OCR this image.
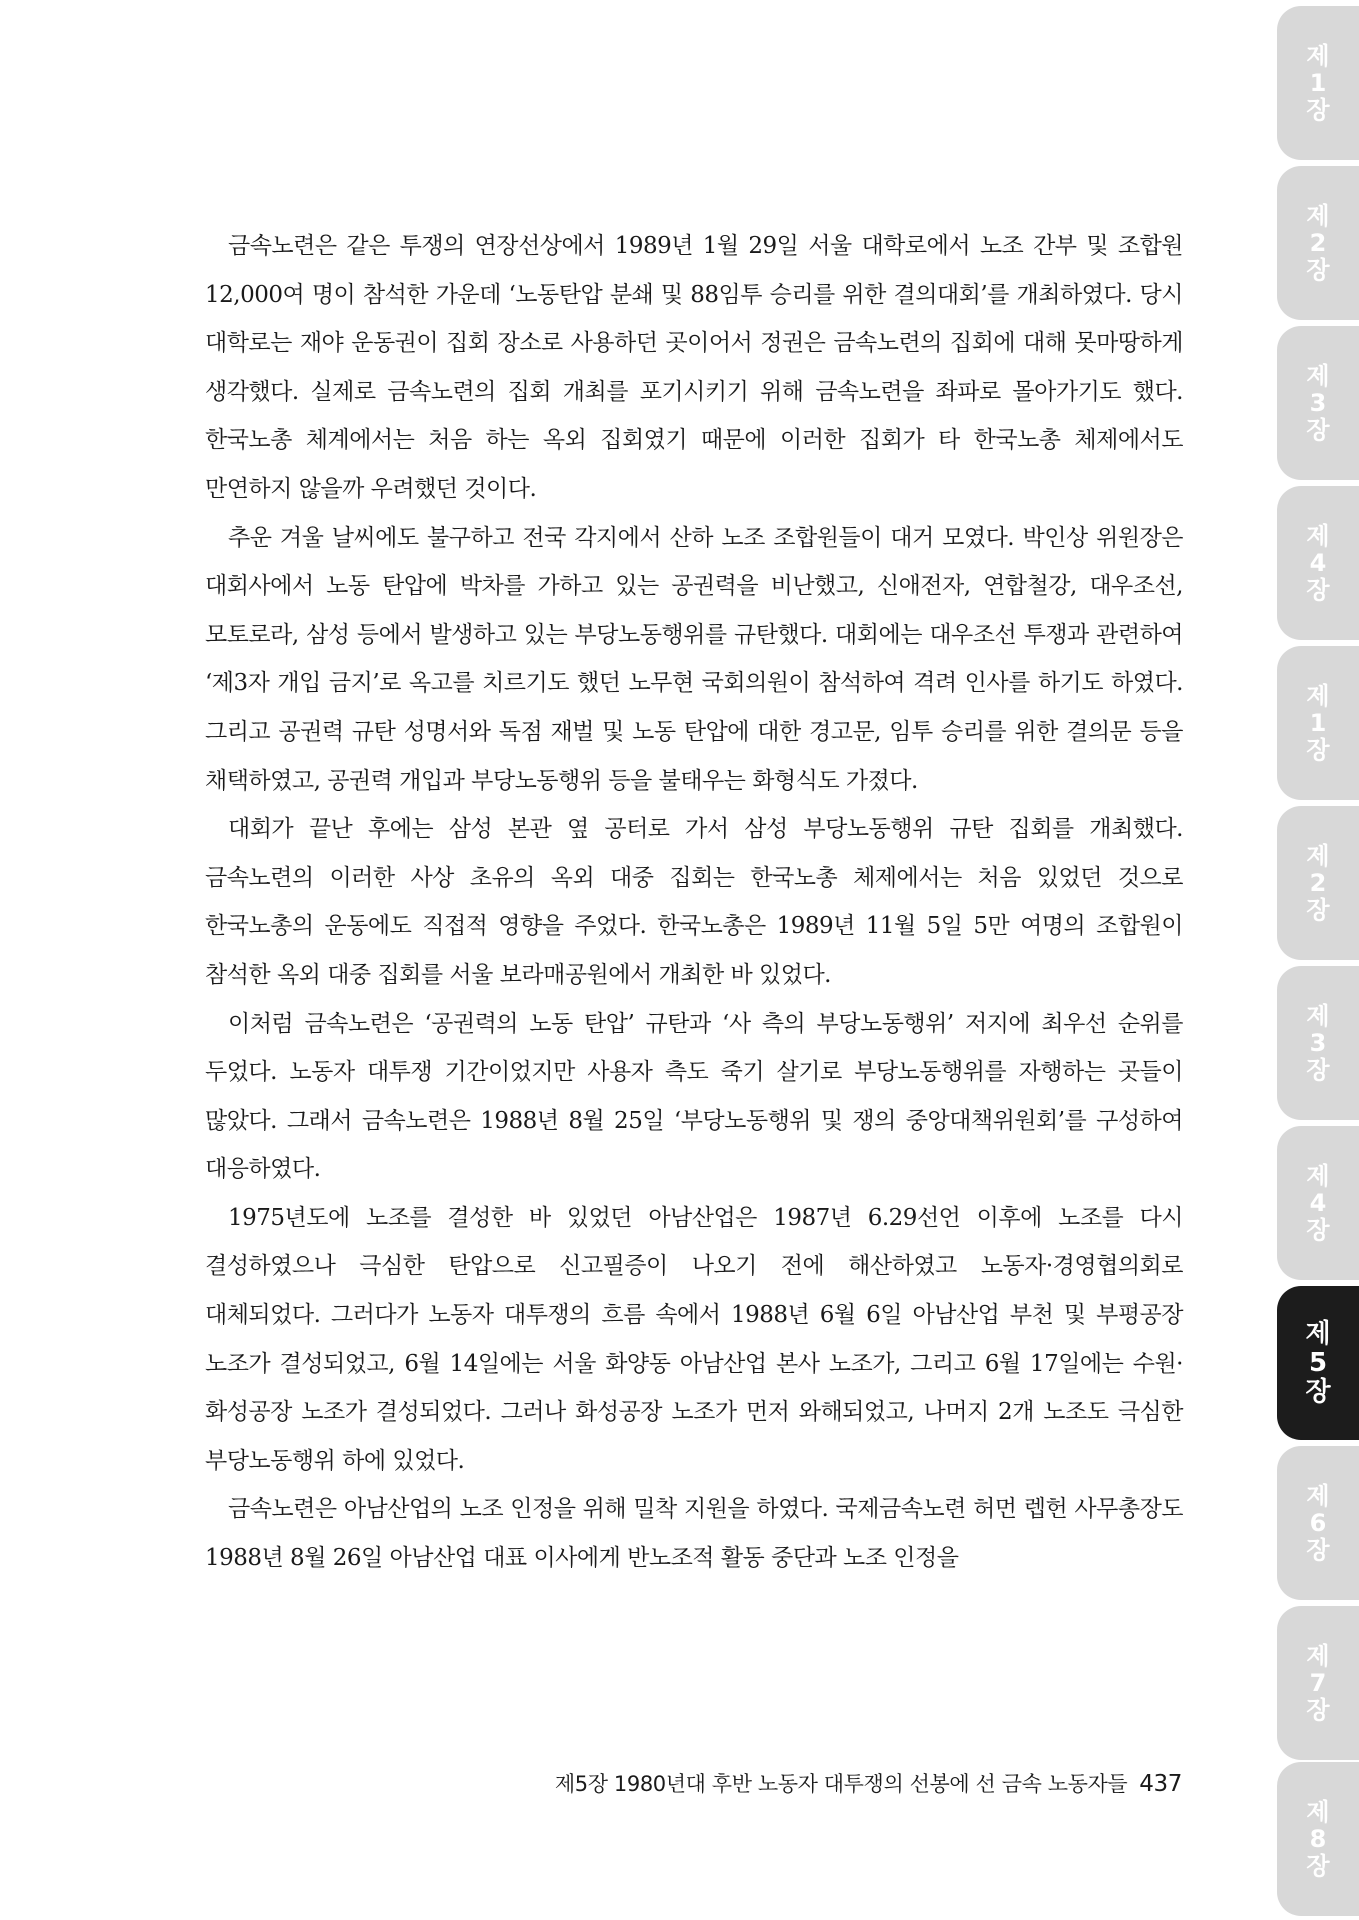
금속노련은 같은 투쟁의 연장선상에서 1989년 1월 29일 서울 대학로에서 노조 간부 및 조합원 12,000여 명이 참석한 가운데 ‘노동탄압 분쇄 및 88임투 승리를 위한 결의대회’를 개최하였다. 당시 대학로는 재야 운동권이 집회 장소로 사용하던 곳이어서 정권은 금속노련의 집회에 대해 못마땅하게 생각했다. 실제로 금속노련의 집회 개최를 포기시키기 위해 금속노련을 좌파로 몰아가기도 했다. 한국노총 체계에서는 처음 하는 옥외 집회였기 때문에 이러한 집회가 타 한국노총 체제에서도 만연하지 않을까 우려했던 것이다.

추운 겨울 날씨에도 불구하고 전국 각지에서 산하 노조 조합원들이 대거 모였다. 박인상 위원장은 대회사에서 노동 탄압에 박차를 가하고 있는 공권력을 비난했고, 신애전자, 연합철강, 대우조선, 모토로라, 삼성 등에서 발생하고 있는 부당노동행위를 규탄했다. 대회에는 대우조선 투쟁과 관련하여 ‘제3자 개입 금지’로 옥고를 치르기도 했던 노무현 국회의원이 참석하여 격려 인사를 하기도 하였다. 그리고 공권력 규탄 성명서와 독점 재벌 및 노동 탄압에 대한 경고문, 임투 승리를 위한 결의문 등을 채택하였고, 공권력 개입과 부당노동행위 등을 불태우는 화형식도 가졌다.

대회가 끝난 후에는 삼성 본관 옆 공터로 가서 삼성 부당노동행위 규탄 집회를 개최했다. 금속노련의 이러한 사상 초유의 옥외 대중 집회는 한국노총 체제에서는 처음 있었던 것으로 한국노총의 운동에도 직접적 영향을 주었다. 한국노총은 1989년 11월 5일 5만 여명의 조합원이 참석한 옥외 대중 집회를 서울 보라매공원에서 개최한 바 있었다.

이처럼 금속노련은 ‘공권력의 노동 탄압’ 규탄과 ‘사 측의 부당노동행위’ 저지에 최우선 순위를 두었다. 노동자 대투쟁 기간이었지만 사용자 측도 죽기 살기로 부당노동행위를 자행하는 곳들이 많았다. 그래서 금속노련은 1988년 8월 25일 ‘부당노동행위 및 쟁의 중앙대책위원회’를 구성하여 대응하였다.

1975년도에 노조를 결성한 바 있었던 아남산업은 1987년 6.29선언 이후에 노조를 다시 결성하였으나 극심한 탄압으로 신고필증이 나오기 전에 해산하였고 노동자·경영협의회로 대체되었다. 그러다가 노동자 대투쟁의 흐름 속에서 1988년 6월 6일 아남산업 부천 및 부평공장 노조가 결성되었고, 6월 14일에는 서울 화양동 아남산업 본사 노조가, 그리고 6월 17일에는 수원·화성공장 노조가 결성되었다. 그러나 화성공장 노조가 먼저 와해되었고, 나머지 2개 노조도 극심한 부당노동행위 하에 있었다.

금속노련은 아남산업의 노조 인정을 위해 밀착 지원을 하였다. 국제금속노련 허먼 렙헌 사무총장도 1988년 8월 26일 아남산업 대표 이사에게 반노조적 활동 중단과 노조 인정을

제5장 1980년대 후반 노동자 대투쟁의 선봉에 선 금속 노동자들 437
제
1
장
제
2
장
제
3
장
제
4
장
제
1
장
제
2
장
제
3
장
제
4
장
제
5
장
제
6
장
제
7
장
제
8
장
